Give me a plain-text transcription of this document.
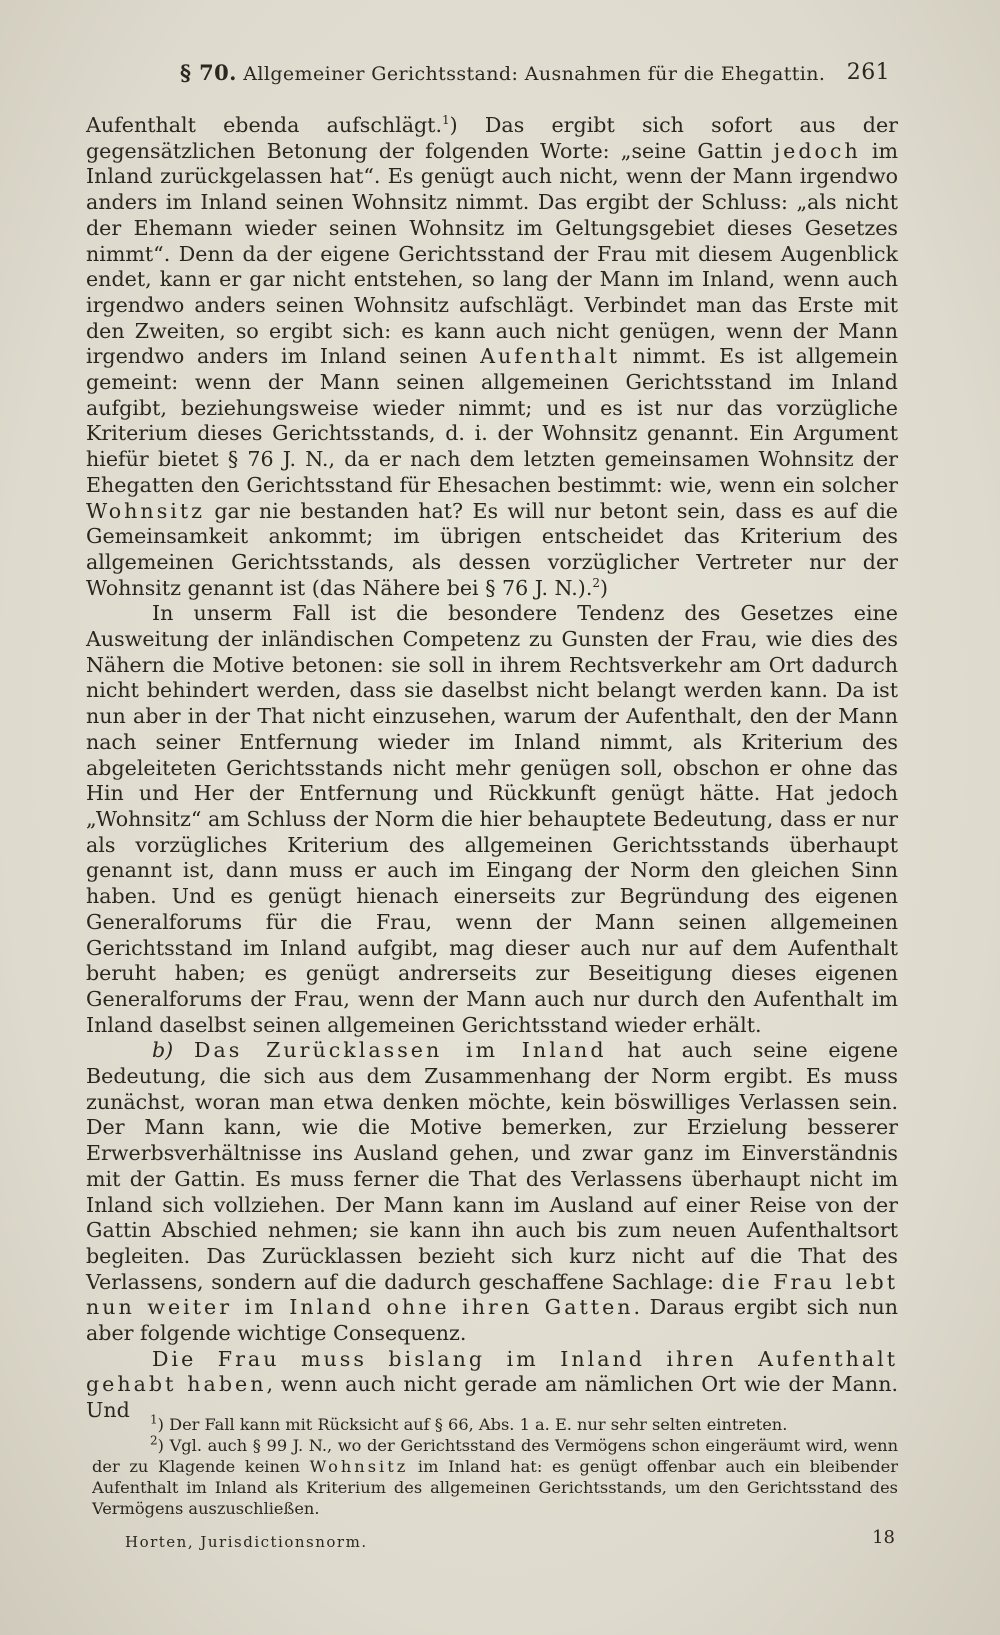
§ 70. Allgemeiner Gerichtsstand: Ausnahmen für die Ehegattin. 261

Aufenthalt ebenda aufschlägt.$^1$) Das ergibt sich sofort aus der gegensätzlichen Betonung der folgenden Worte: „seine Gattin jedoch im Inland zurückgelassen hat“. Es genügt auch nicht, wenn der Mann irgendwo anders im Inland seinen Wohnsitz nimmt. Das ergibt der Schluss: „als nicht der Ehemann wieder seinen Wohnsitz im Geltungsgebiet dieses Gesetzes nimmt“. Denn da der eigene Gerichtsstand der Frau mit diesem Augenblick endet, kann er gar nicht entstehen, so lang der Mann im Inland, wenn auch irgendwo anders seinen Wohnsitz aufschlägt. Verbindet man das Erste mit den Zweiten, so ergibt sich: es kann auch nicht genügen, wenn der Mann irgendwo anders im Inland seinen Aufenthalt nimmt. Es ist allgemein gemeint: wenn der Mann seinen allgemeinen Gerichtsstand im Inland aufgibt, beziehungsweise wieder nimmt; und es ist nur das vorzügliche Kriterium dieses Gerichtsstands, d. i. der Wohnsitz genannt. Ein Argument hiefür bietet § 76 J. N., da er nach dem letzten gemeinsamen Wohnsitz der Ehegatten den Gerichtsstand für Ehesachen bestimmt: wie, wenn ein solcher Wohnsitz gar nie bestanden hat? Es will nur betont sein, dass es auf die Gemeinsamkeit ankommt; im übrigen entscheidet das Kriterium des allgemeinen Gerichtsstands, als dessen vorzüglicher Vertreter nur der Wohnsitz genannt ist (das Nähere bei § 76 J. N.).$^2$)

In unserm Fall ist die besondere Tendenz des Gesetzes eine Ausweitung der inländischen Competenz zu Gunsten der Frau, wie dies des Nähern die Motive betonen: sie soll in ihrem Rechtsverkehr am Ort dadurch nicht behindert werden, dass sie daselbst nicht belangt werden kann. Da ist nun aber in der That nicht einzusehen, warum der Aufenthalt, den der Mann nach seiner Entfernung wieder im Inland nimmt, als Kriterium des abgeleiteten Gerichtsstands nicht mehr genügen soll, obschon er ohne das Hin und Her der Entfernung und Rückkunft genügt hätte. Hat jedoch „Wohnsitz“ am Schluss der Norm die hier behauptete Bedeutung, dass er nur als vorzügliches Kriterium des allgemeinen Gerichtsstands überhaupt genannt ist, dann muss er auch im Eingang der Norm den gleichen Sinn haben. Und es genügt hienach einerseits zur Begründung des eigenen Generalforums für die Frau, wenn der Mann seinen allgemeinen Gerichtsstand im Inland aufgibt, mag dieser auch nur auf dem Aufenthalt beruht haben; es genügt andrerseits zur Beseitigung dieses eigenen Generalforums der Frau, wenn der Mann auch nur durch den Aufenthalt im Inland daselbst seinen allgemeinen Gerichtsstand wieder erhält.

b) Das Zurücklassen im Inland hat auch seine eigene Bedeutung, die sich aus dem Zusammenhang der Norm ergibt. Es muss zunächst, woran man etwa denken möchte, kein böswilliges Verlassen sein. Der Mann kann, wie die Motive bemerken, zur Erzielung besserer Erwerbsverhältnisse ins Ausland gehen, und zwar ganz im Einverständnis mit der Gattin. Es muss ferner die That des Verlassens überhaupt nicht im Inland sich vollziehen. Der Mann kann im Ausland auf einer Reise von der Gattin Abschied nehmen; sie kann ihn auch bis zum neuen Aufenthaltsort begleiten. Das Zurücklassen bezieht sich kurz nicht auf die That des Verlassens, sondern auf die dadurch geschaffene Sachlage: die Frau lebt nun weiter im Inland ohne ihren Gatten. Daraus ergibt sich nun aber folgende wichtige Consequenz.

Die Frau muss bislang im Inland ihren Aufenthalt gehabt haben, wenn auch nicht gerade am nämlichen Ort wie der Mann. Und	$^1$) Der Fall kann mit Rücksicht auf § 66, Abs. 1 a. E. nur sehr selten eintreten.

$^2$) Vgl. auch § 99 J. N., wo der Gerichtsstand des Vermögens schon eingeräumt wird, wenn der zu Klagende keinen Wohnsitz im Inland hat: es genügt offenbar auch ein bleibender Aufenthalt im Inland als Kriterium des allgemeinen Gerichtsstands, um den Gerichtsstand des Vermögens auszuschließen.

Horten, Jurisdictionsnorm.	18
